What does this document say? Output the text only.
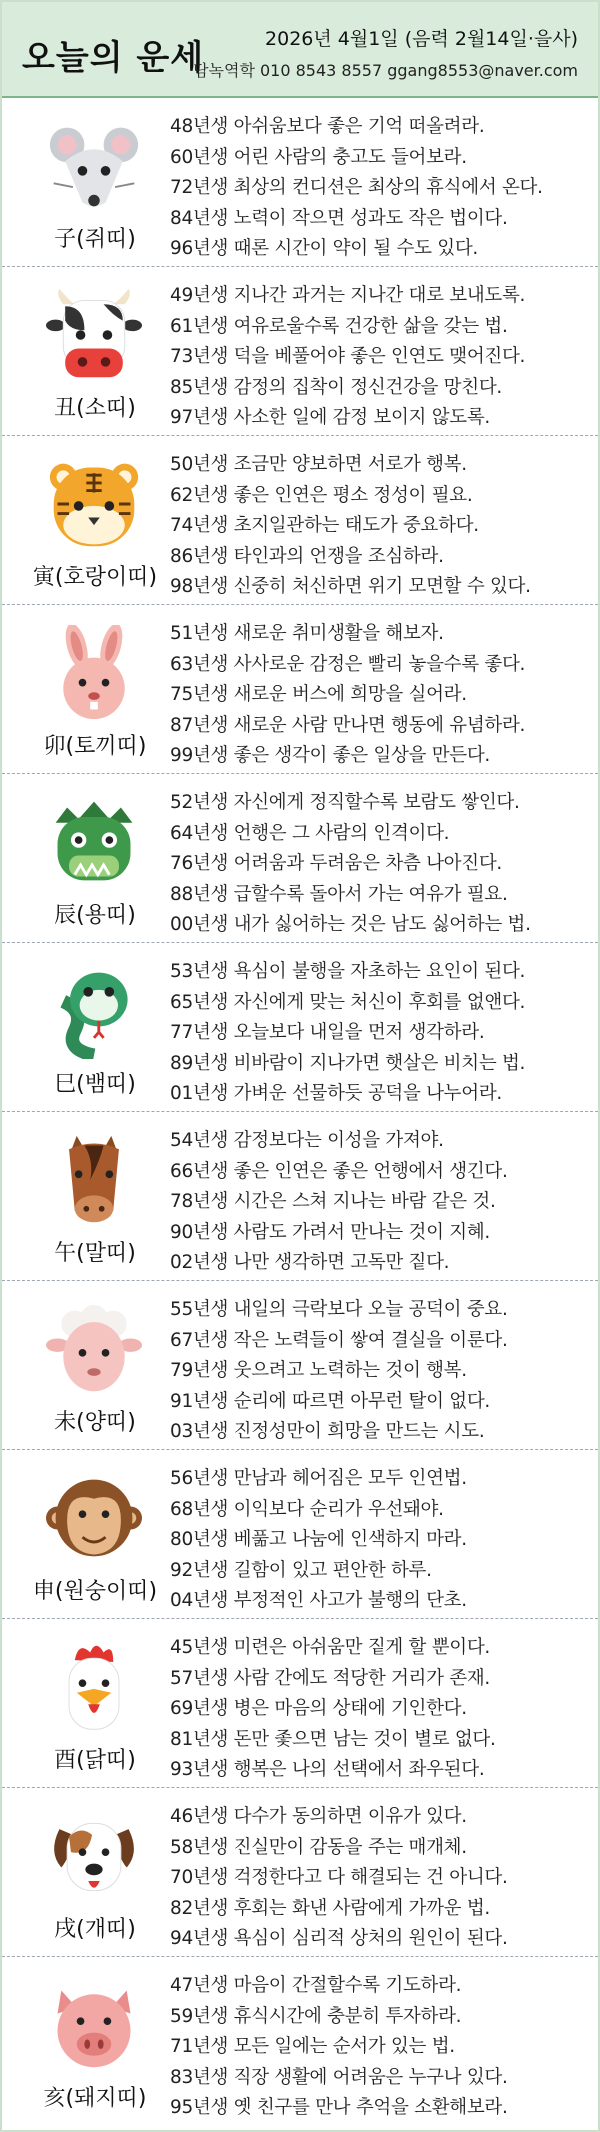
오늘의 운세	2026년 4월1일 (음력 2월14일·을사)
담녹역학 010 8543 8557 ggang8553@naver.com
子(쥐띠)
48년생 아쉬움보다 좋은 기억 떠올려라.
60년생 어린 사람의 충고도 들어보라.
72년생 최상의 컨디션은 최상의 휴식에서 온다.
84년생 노력이 작으면 성과도 작은 법이다.
96년생 때론 시간이 약이 될 수도 있다.
丑(소띠)
49년생 지나간 과거는 지나간 대로 보내도록.
61년생 여유로울수록 건강한 삶을 갖는 법.
73년생 덕을 베풀어야 좋은 인연도 맺어진다.
85년생 감정의 집착이 정신건강을 망친다.
97년생 사소한 일에 감정 보이지 않도록.
寅(호랑이띠)
50년생 조금만 양보하면 서로가 행복.
62년생 좋은 인연은 평소 정성이 필요.
74년생 초지일관하는 태도가 중요하다.
86년생 타인과의 언쟁을 조심하라.
98년생 신중히 처신하면 위기 모면할 수 있다.
卯(토끼띠)
51년생 새로운 취미생활을 해보자.
63년생 사사로운 감정은 빨리 놓을수록 좋다.
75년생 새로운 버스에 희망을 실어라.
87년생 새로운 사람 만나면 행동에 유념하라.
99년생 좋은 생각이 좋은 일상을 만든다.
辰(용띠)
52년생 자신에게 정직할수록 보람도 쌓인다.
64년생 언행은 그 사람의 인격이다.
76년생 어려움과 두려움은 차츰 나아진다.
88년생 급할수록 돌아서 가는 여유가 필요.
00년생 내가 싫어하는 것은 남도 싫어하는 법.
巳(뱀띠)
53년생 욕심이 불행을 자초하는 요인이 된다.
65년생 자신에게 맞는 처신이 후회를 없앤다.
77년생 오늘보다 내일을 먼저 생각하라.
89년생 비바람이 지나가면 햇살은 비치는 법.
01년생 가벼운 선물하듯 공덕을 나누어라.
午(말띠)
54년생 감정보다는 이성을 가져야.
66년생 좋은 인연은 좋은 언행에서 생긴다.
78년생 시간은 스쳐 지나는 바람 같은 것.
90년생 사람도 가려서 만나는 것이 지혜.
02년생 나만 생각하면 고독만 짙다.
未(양띠)
55년생 내일의 극락보다 오늘 공덕이 중요.
67년생 작은 노력들이 쌓여 결실을 이룬다.
79년생 웃으려고 노력하는 것이 행복.
91년생 순리에 따르면 아무런 탈이 없다.
03년생 진정성만이 희망을 만드는 시도.
申(원숭이띠)
56년생 만남과 헤어짐은 모두 인연법.
68년생 이익보다 순리가 우선돼야.
80년생 베풂고 나눔에 인색하지 마라.
92년생 길함이 있고 편안한 하루.
04년생 부정적인 사고가 불행의 단초.
酉(닭띠)
45년생 미련은 아쉬움만 짙게 할 뿐이다.
57년생 사람 간에도 적당한 거리가 존재.
69년생 병은 마음의 상태에 기인한다.
81년생 돈만 좇으면 남는 것이 별로 없다.
93년생 행복은 나의 선택에서 좌우된다.
戌(개띠)
46년생 다수가 동의하면 이유가 있다.
58년생 진실만이 감동을 주는 매개체.
70년생 걱정한다고 다 해결되는 건 아니다.
82년생 후회는 화낸 사람에게 가까운 법.
94년생 욕심이 심리적 상처의 원인이 된다.
亥(돼지띠)
47년생 마음이 간절할수록 기도하라.
59년생 휴식시간에 충분히 투자하라.
71년생 모든 일에는 순서가 있는 법.
83년생 직장 생활에 어려움은 누구나 있다.
95년생 옛 친구를 만나 추억을 소환해보라.
